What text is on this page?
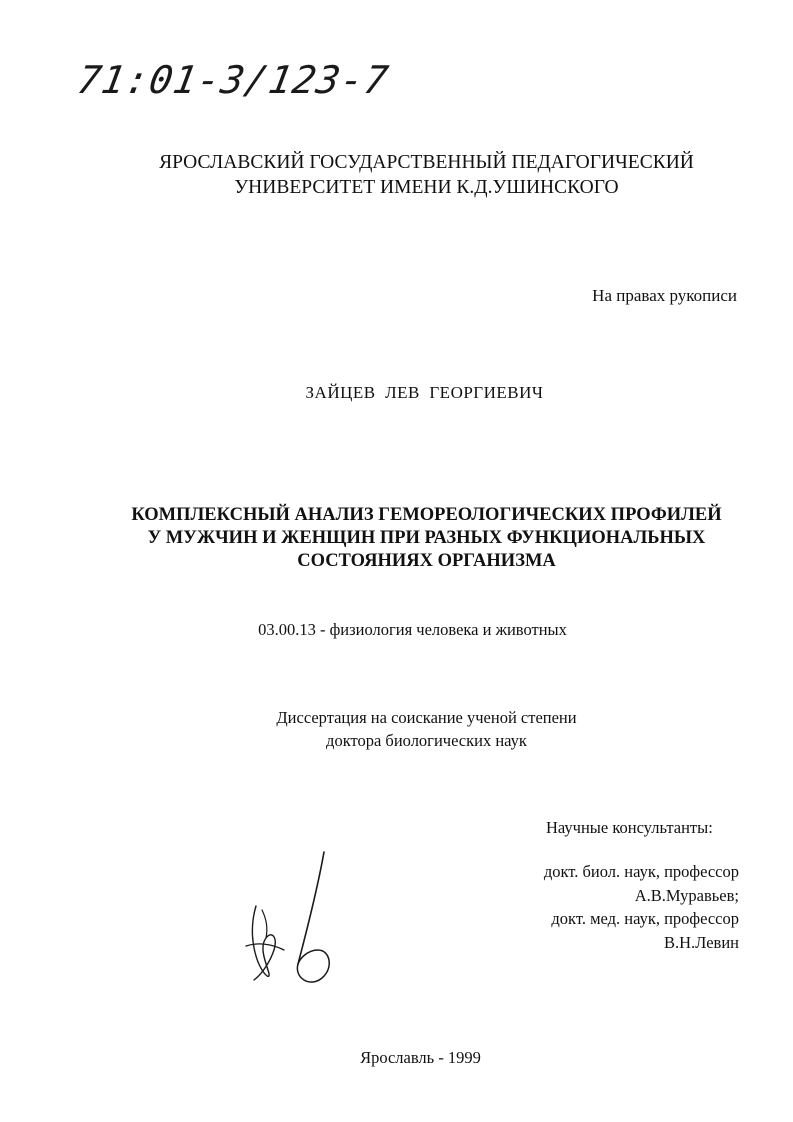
71:01-3/123-7
ЯРОСЛАВСКИЙ ГОСУДАРСТВЕННЫЙ ПЕДАГОГИЧЕСКИЙ
УНИВЕРСИТЕТ ИМЕНИ К.Д.УШИНСКОГО
На правах рукописи
ЗАЙЦЕВ  ЛЕВ  ГЕОРГИЕВИЧ
КОМПЛЕКСНЫЙ АНАЛИЗ ГЕМОРЕОЛОГИЧЕСКИХ ПРОФИЛЕЙ
У МУЖЧИН И ЖЕНЩИН ПРИ РАЗНЫХ ФУНКЦИОНАЛЬНЫХ
СОСТОЯНИЯХ ОРГАНИЗМА
03.00.13 - физиология человека и животных
Диссертация на соискание ученой степени
доктора биологических наук
Научные консультанты:
докт. биол. наук, профессор
А.В.Муравьев;
докт. мед. наук, профессор
В.Н.Левин
Ярославль - 1999
